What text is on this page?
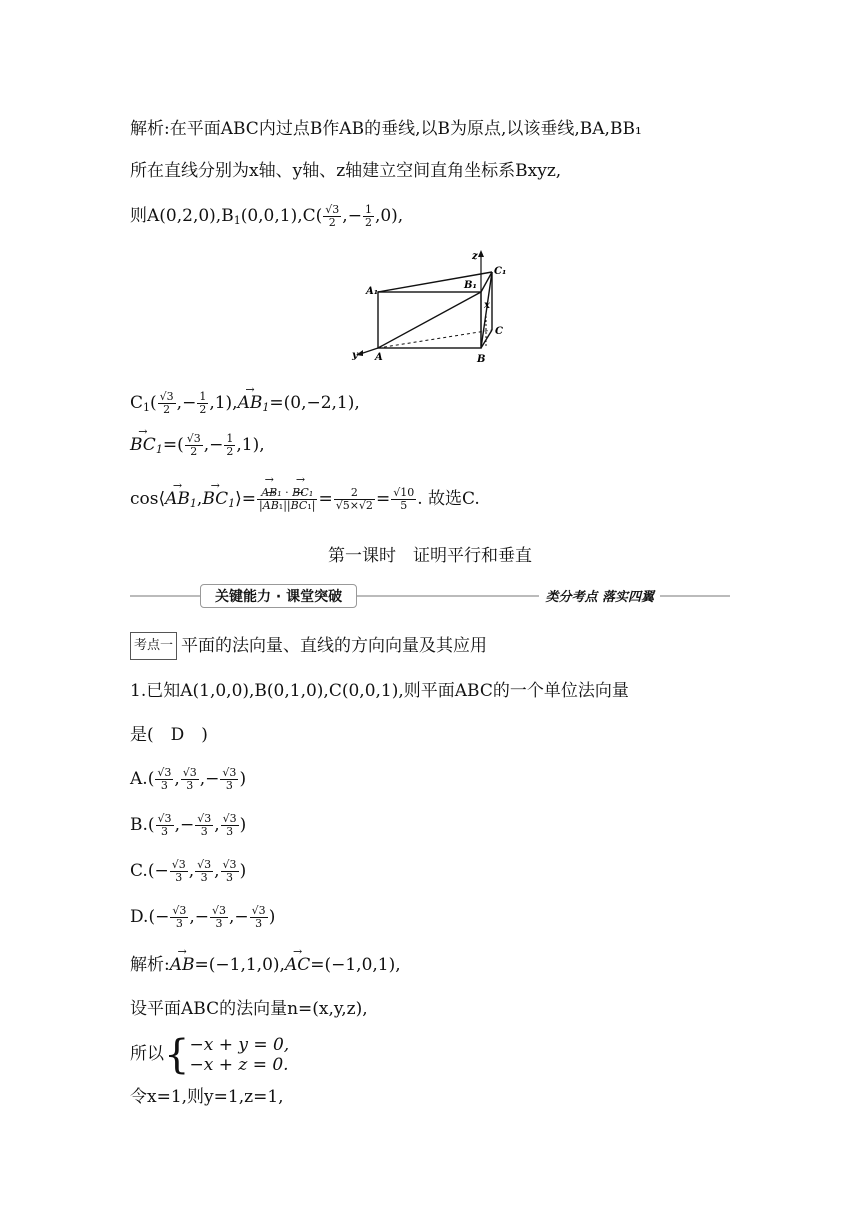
解析:在平面ABC内过点B作AB的垂线,以B为原点,以该垂线,BA,BB₁
所在直线分别为x轴、y轴、z轴建立空间直角坐标系Bxyz,
则$A(0,2,0),B_1(0,0,1),C( \frac{√3}{2}$ ,− $\frac{1}{2} ,0$),
z
y
x
A	B
C
A₁
B₁
C₁
$C_1( \frac{√3}{2}$ ,− $\frac{1}{2} ,1),\to AB_1=(0,-2,1)$,
→ $BC_1=( \frac{√3}{2}$ ,− $\frac{1}{2} ,1$),
cos⟨→ $AB_1,\to$ $BC_1⟩=$
→ $\frac{\text{AB₁ · → BC₁}}{\text{|→ AB₁||→ BC₁|}} = \frac{2}{√5\times√2} = \frac{√10}{5}$ . 故选C.
第一课时　证明平行和垂直
关键能力 · 课堂突破	类分考点 落实四翼
考点一 平面的法向量、直线的方向向量及其应用
1.已知A(1,0,0),B(0,1,0),C(0,0,1),则平面ABC的一个单位法向量
是(　D　)
$A.( \frac{√3}{3}$ , $\frac{√3}{3}$ ,− $\frac{√3}{3}$ )
$B.( \frac{√3}{3}$ ,− $\frac{√3}{3}$ , $\frac{√3}{3}$ )
$C.(- \frac{√3}{3}$ , $\frac{√3}{3}$ , $\frac{√3}{3}$ )
$D.(- \frac{√3}{3}$ ,− $\frac{√3}{3}$ ,− $\frac{√3}{3}$ )
解析:→ AB=(−1,1,0),→ AC=(−1,0,1),
设平面ABC的法向量n=(x,y,z),
所以{ −x + y = 0,
−x + z = 0.
令x=1,则y=1,z=1,
